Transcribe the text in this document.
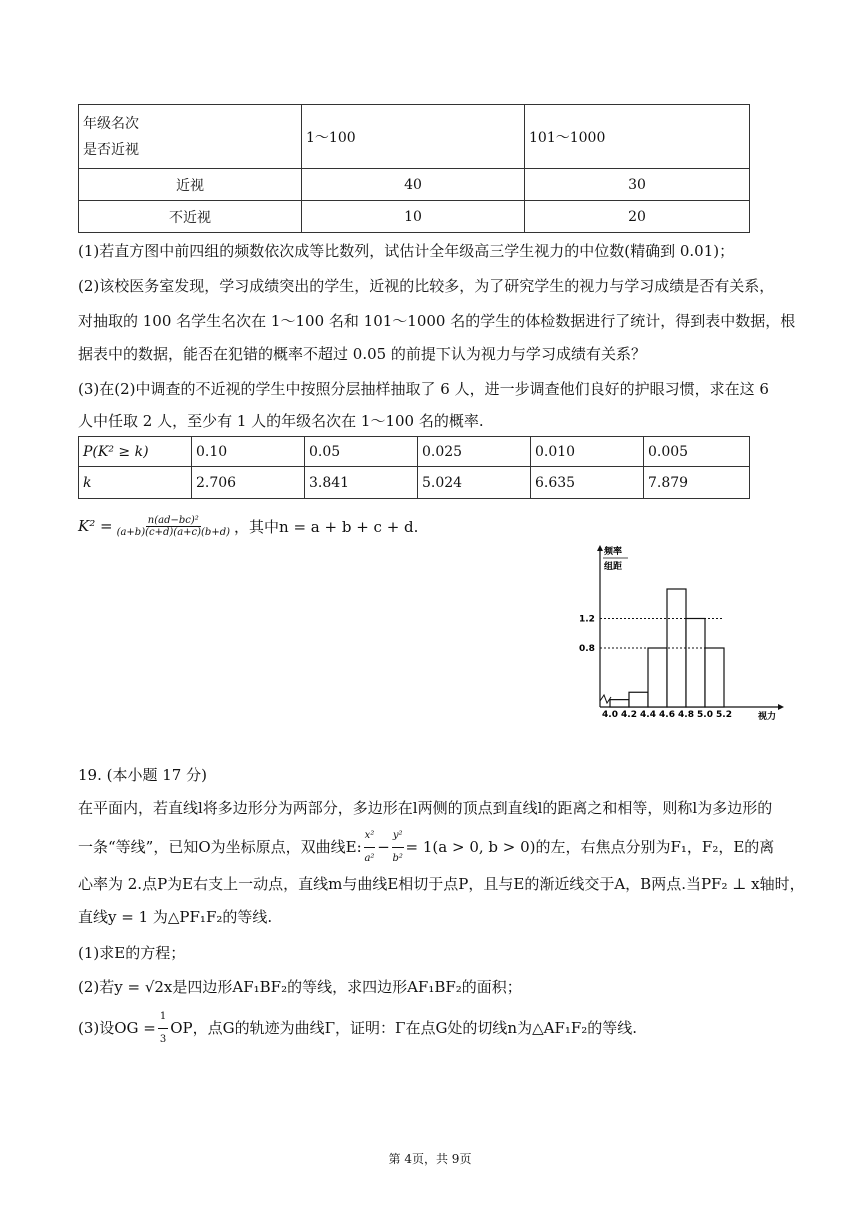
年级名次
是否近视	1～100	101～1000
近视	40	30
不近视	10	20
(1)若直方图中前四组的频数依次成等比数列，试估计全年级高三学生视力的中位数(精确到 0.01)；
(2)该校医务室发现，学习成绩突出的学生，近视的比较多，为了研究学生的视力与学习成绩是否有关系，
对抽取的 100 名学生名次在 1～100 名和 101～1000 名的学生的体检数据进行了统计，得到表中数据，根
据表中的数据，能否在犯错的概率不超过 0.05 的前提下认为视力与学习成绩有关系？
(3)在(2)中调查的不近视的学生中按照分层抽样抽取了 6 人，进一步调查他们良好的护眼习惯，求在这 6
人中任取 2 人，至少有 1 人的年级名次在 1～100 名的概率.
P(K² ≥ k)	0.10	0.05	0.025	0.010	0.005
k	2.706	3.841	5.024	6.635	7.879
$K^2 = \frac{\text{n(ad−bc)²}}{(a+b)(c+d)(a+c)(b+d)}$ ，其中n = a + b + c + d.
4.0 4.2 4.4 4.6 4.8 5.0 5.2
1.2
0.8
频率
组距
视力
19. (本小题 17 分)
在平面内，若直线l将多边形分为两部分，多边形在l两侧的顶点到直线l的距离之和相等，则称l为多边形的
一条“等线”，已知O为坐标原点，双曲线E: $\frac{\text{x²}}{\text{a²}} - \frac{\text{y²}}{\text{b²}} = 1(a > 0$, b > 0)的左，右焦点分别为F₁，F₂，E的离
心率为 2.点P为E右支上一动点，直线m与曲线E相切于点P，且与E的渐近线交于A，B两点.当PF₂ ⊥ x轴时，
直线y = 1 为△PF₁F₂的等线.
(1)求E的方程；
(2)若y = √2x是四边形AF₁BF₂的等线，求四边形AF₁BF₂的面积；
(3)设OG = $\frac{1}{3}$ OP，点G的轨迹为曲线Γ，证明：Γ在点G处的切线n为△AF₁F₂的等线.
第 4页，共 9页
